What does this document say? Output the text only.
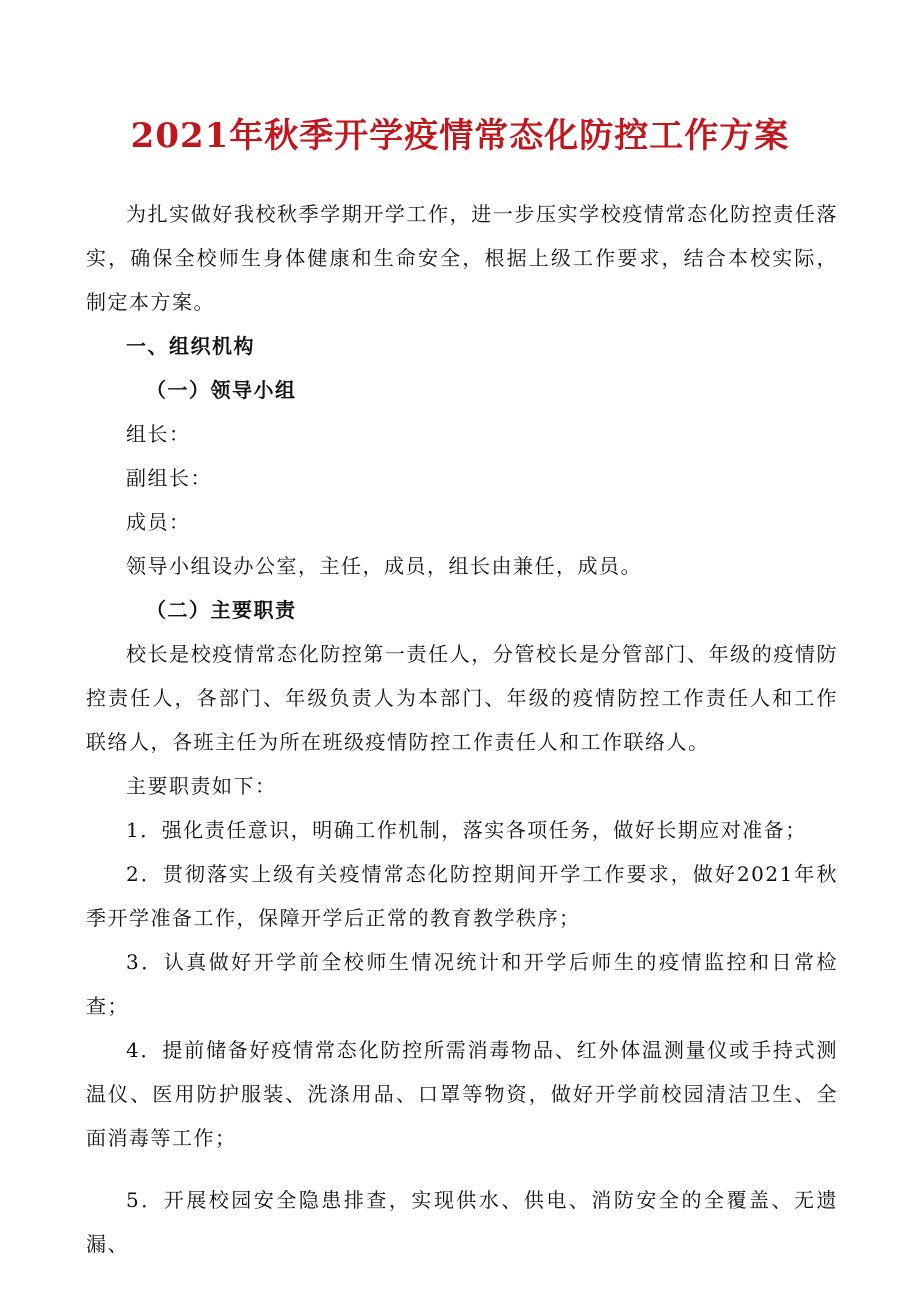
2021年秋季开学疫情常态化防控工作方案

为扎实做好我校秋季学期开学工作，进一步压实学校疫情常态化防控责任落实，确保全校师生身体健康和生命安全，根据上级工作要求，结合本校实际，制定本方案。

一、组织机构

（一）领导小组

组长：

副组长：

成员：

领导小组设办公室，主任，成员，组长由兼任，成员。

（二）主要职责

校长是校疫情常态化防控第一责任人，分管校长是分管部门、年级的疫情防控责任人，各部门、年级负责人为本部门、年级的疫情防控工作责任人和工作联络人，各班主任为所在班级疫情防控工作责任人和工作联络人。

主要职责如下：

1．强化责任意识，明确工作机制，落实各项任务，做好长期应对准备；

2．贯彻落实上级有关疫情常态化防控期间开学工作要求，做好2021年秋季开学准备工作，保障开学后正常的教育教学秩序；

3．认真做好开学前全校师生情况统计和开学后师生的疫情监控和日常检查；

4．提前储备好疫情常态化防控所需消毒物品、红外体温测量仪或手持式测温仪、医用防护服装、洗涤用品、口罩等物资，做好开学前校园清洁卫生、全面消毒等工作；

5．开展校园安全隐患排查，实现供水、供电、消防安全的全覆盖、无遗漏、
